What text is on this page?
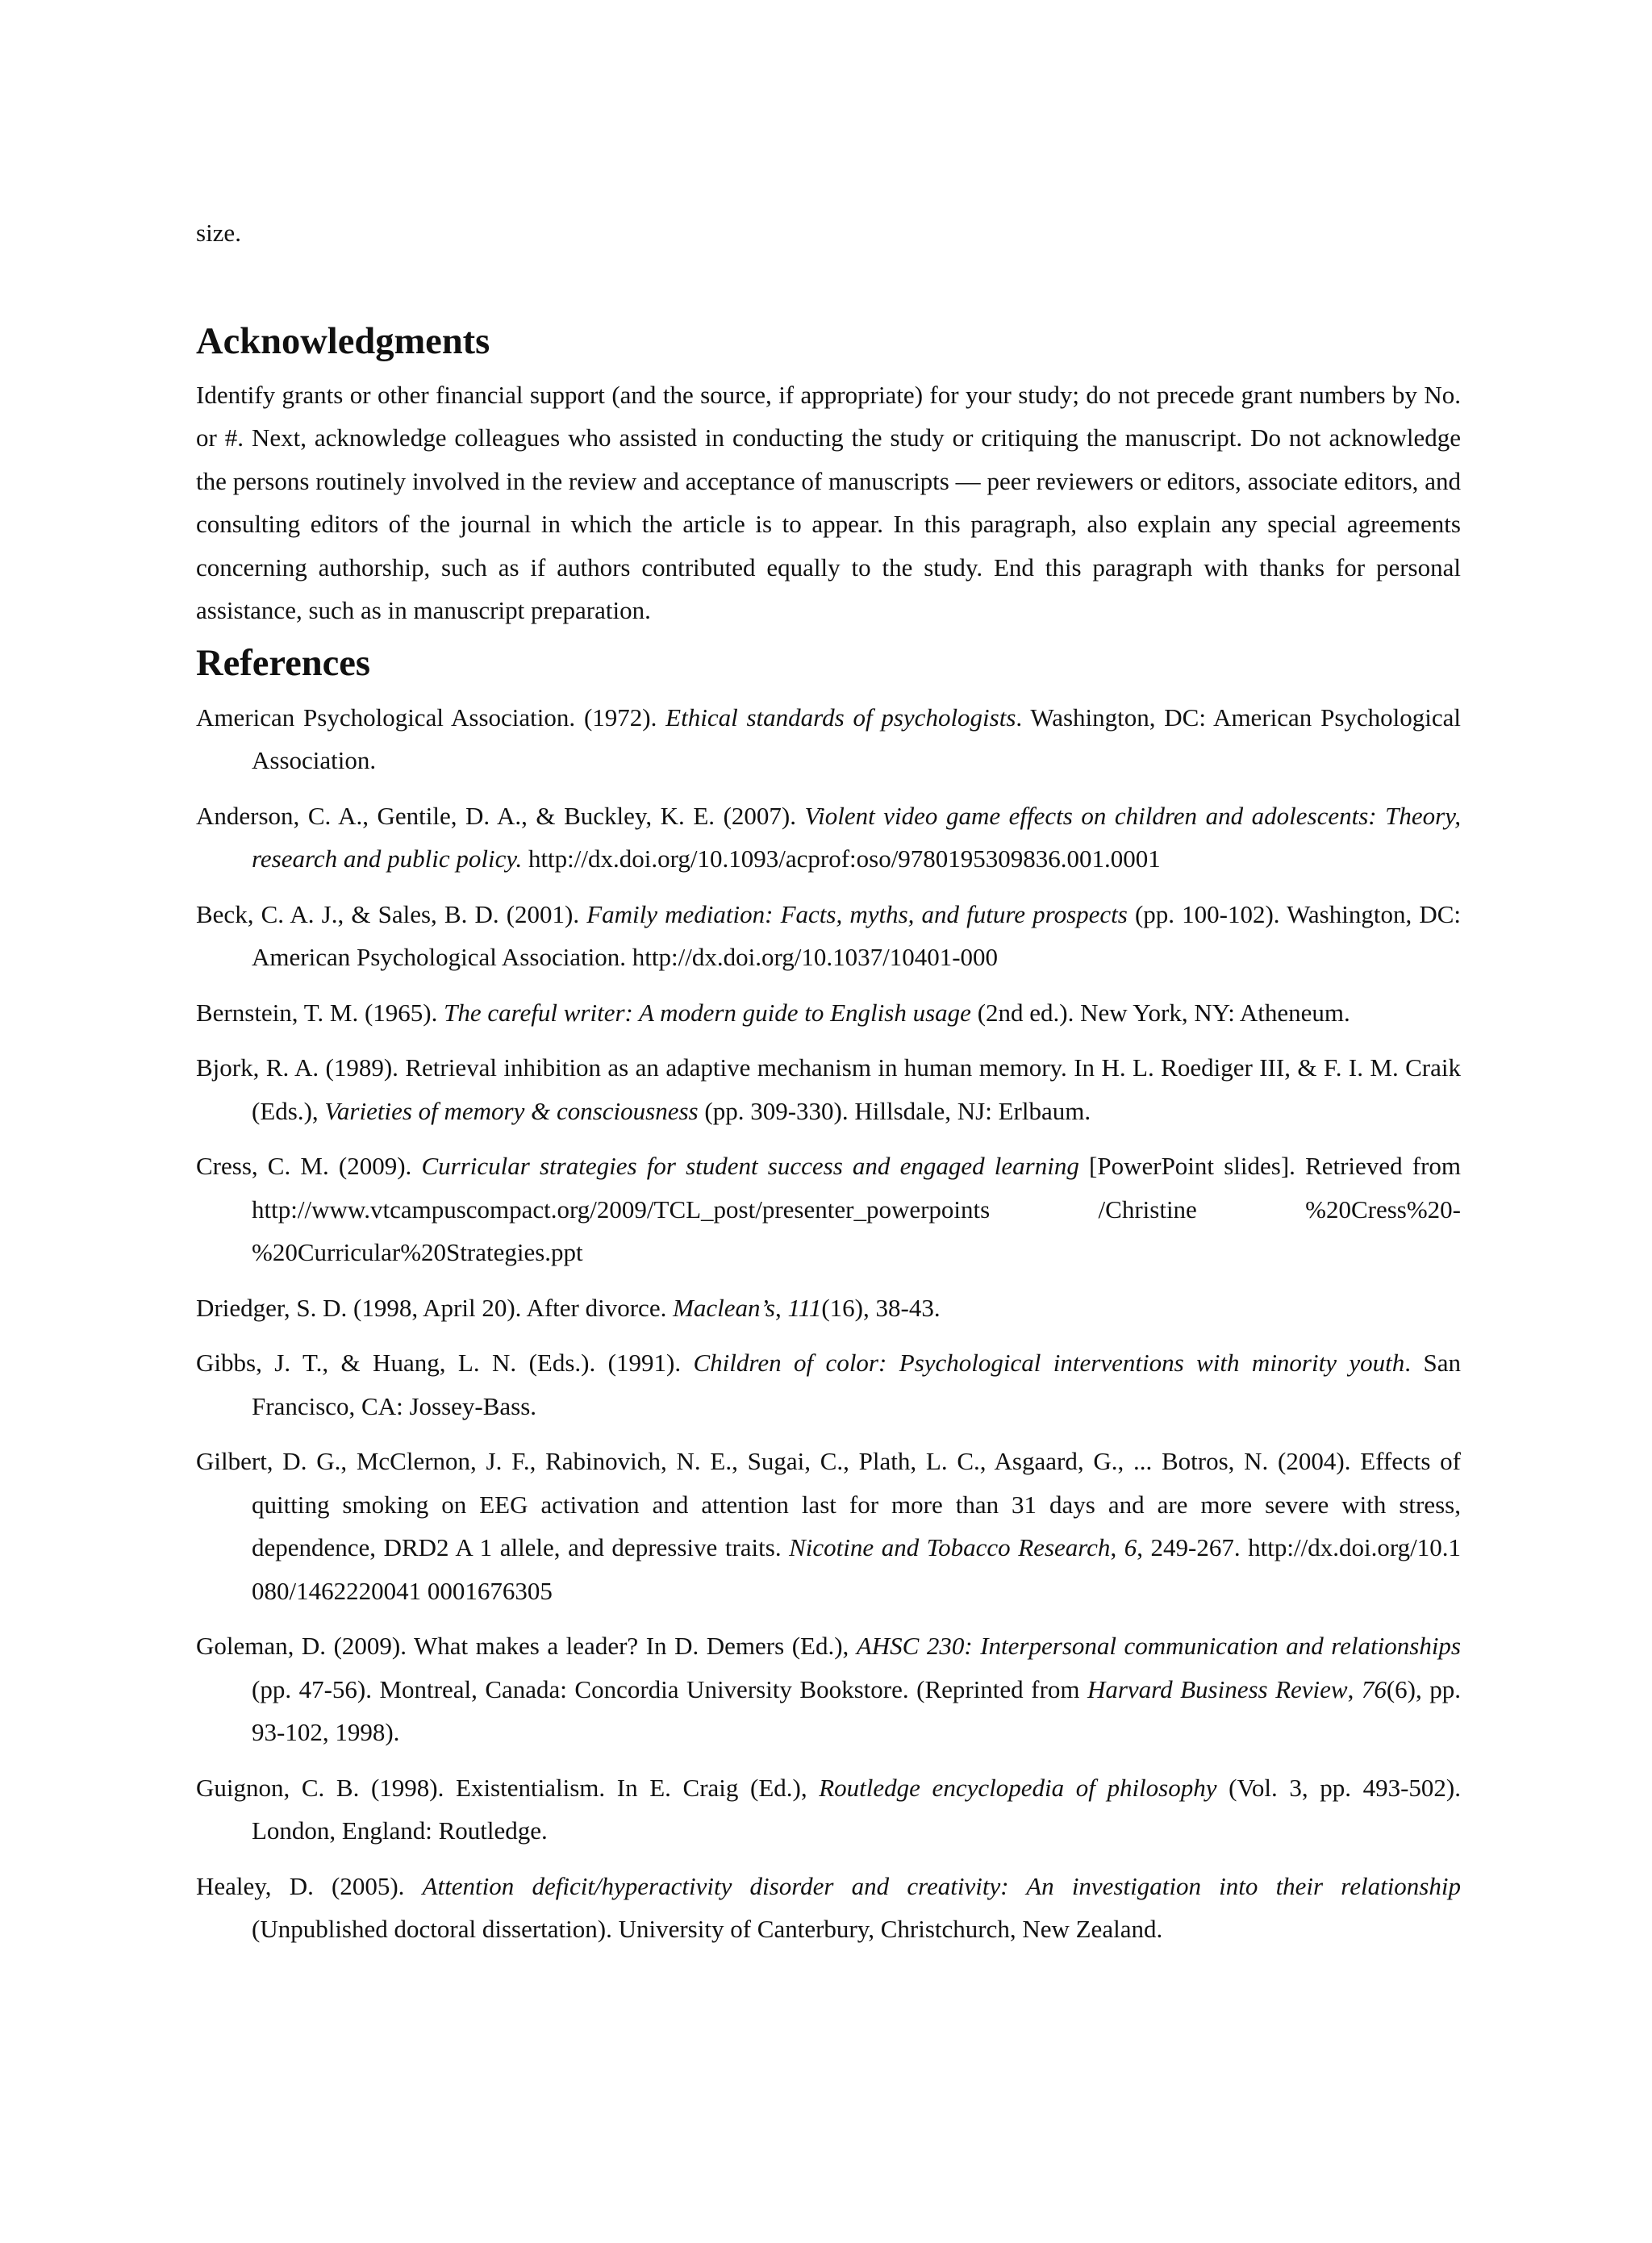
size.

Acknowledgments

Identify grants or other financial support (and the source, if appropriate) for your study; do not precede grant numbers by No. or #. Next, acknowledge colleagues who assisted in conducting the study or critiquing the manuscript. Do not acknowledge the persons routinely involved in the review and acceptance of manuscripts — peer reviewers or editors, associate editors, and consulting editors of the journal in which the article is to appear. In this paragraph, also explain any special agreements concerning authorship, such as if authors contributed equally to the study. End this paragraph with thanks for personal assistance, such as in manuscript preparation.

References
American Psychological Association. (1972). Ethical standards of psychologists. Washington, DC: American Psychological Association.
Anderson, C. A., Gentile, D. A., & Buckley, K. E. (2007). Violent video game effects on children and adolescents: Theory, research and public policy. http://dx.doi.org/10.1093/acprof:oso/9780195309836.001.0001
Beck, C. A. J., & Sales, B. D. (2001). Family mediation: Facts, myths, and future prospects (pp. 100-102). Washington, DC: American Psychological Association. http://dx.doi.org/10.1037/10401-000
Bernstein, T. M. (1965). The careful writer: A modern guide to English usage (2nd ed.). New York, NY: Atheneum.
Bjork, R. A. (1989). Retrieval inhibition as an adaptive mechanism in human memory. In H. L. Roediger III, & F. I. M. Craik (Eds.), Varieties of memory & consciousness (pp. 309-330). Hillsdale, NJ: Erlbaum.
Cress, C. M. (2009). Curricular strategies for student success and engaged learning [PowerPoint slides]. Retrieved from http://www.vtcampuscompact.org/2009/TCL_post/presenter_powerpoints /Christine %20Cress%20-%20Curricular%20Strategies.ppt
Driedger, S. D. (1998, April 20). After divorce. Maclean’s, 111(16), 38-43.
Gibbs, J. T., & Huang, L. N. (Eds.). (1991). Children of color: Psychological interventions with minority youth. San Francisco, CA: Jossey-Bass.
Gilbert, D. G., McClernon, J. F., Rabinovich, N. E., Sugai, C., Plath, L. C., Asgaard, G., ... Botros, N. (2004). Effects of quitting smoking on EEG activation and attention last for more than 31 days and are more severe with stress, dependence, DRD2 A 1 allele, and depressive traits. Nicotine and Tobacco Research, 6, 249-267. http://dx.doi.org/10.1 080/1462220041 0001676305
Goleman, D. (2009). What makes a leader? In D. Demers (Ed.), AHSC 230: Interpersonal communication and relationships (pp. 47-56). Montreal, Canada: Concordia University Bookstore. (Reprinted from Harvard Business Review, 76(6), pp. 93-102, 1998).
Guignon, C. B. (1998). Existentialism. In E. Craig (Ed.), Routledge encyclopedia of philosophy (Vol. 3, pp. 493-502). London, England: Routledge.
Healey, D. (2005). Attention deficit/hyperactivity disorder and creativity: An investigation into their relationship (Unpublished doctoral dissertation). University of Canterbury, Christchurch, New Zealand.
